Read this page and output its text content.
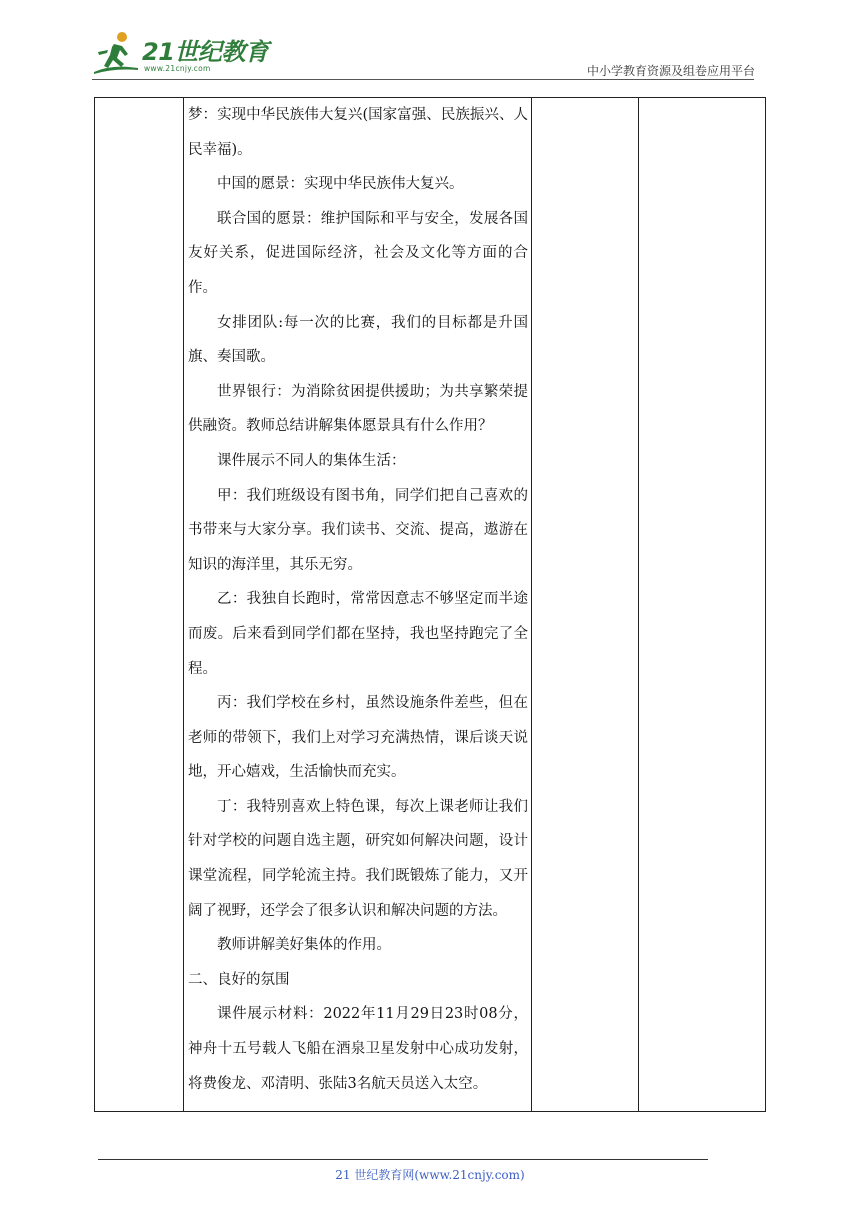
21世纪教育
www.21cnjy.com	中小学教育资源及组卷应用平台

梦：实现中华民族伟大复兴(国家富强、民族振兴、人民幸福)。

中国的愿景：实现中华民族伟大复兴。

联合国的愿景：维护国际和平与安全，发展各国友好关系，促进国际经济，社会及文化等方面的合作。

女排团队:每一次的比赛，我们的目标都是升国旗、奏国歌。

世界银行：为消除贫困提供援助；为共享繁荣提供融资。教师总结讲解集体愿景具有什么作用？

课件展示不同人的集体生活：

甲：我们班级设有图书角，同学们把自己喜欢的书带来与大家分享。我们读书、交流、提高，遨游在知识的海洋里，其乐无穷。

乙：我独自长跑时，常常因意志不够坚定而半途而废。后来看到同学们都在坚持，我也坚持跑完了全程。

丙：我们学校在乡村，虽然设施条件差些，但在老师的带领下，我们上对学习充满热情，课后谈天说地，开心嬉戏，生活愉快而充实。

丁：我特别喜欢上特色课，每次上课老师让我们针对学校的问题自选主题，研究如何解决问题，设计课堂流程，同学轮流主持。我们既锻炼了能力，又开阔了视野，还学会了很多认识和解决问题的方法。

教师讲解美好集体的作用。

二、良好的氛围

课件展示材料：2022年11月29日23时08分，神舟十五号载人飞船在酒泉卫星发射中心成功发射，将费俊龙、邓清明、张陆3名航天员送入太空。

21 世纪教育网(www.21cnjy.com)
